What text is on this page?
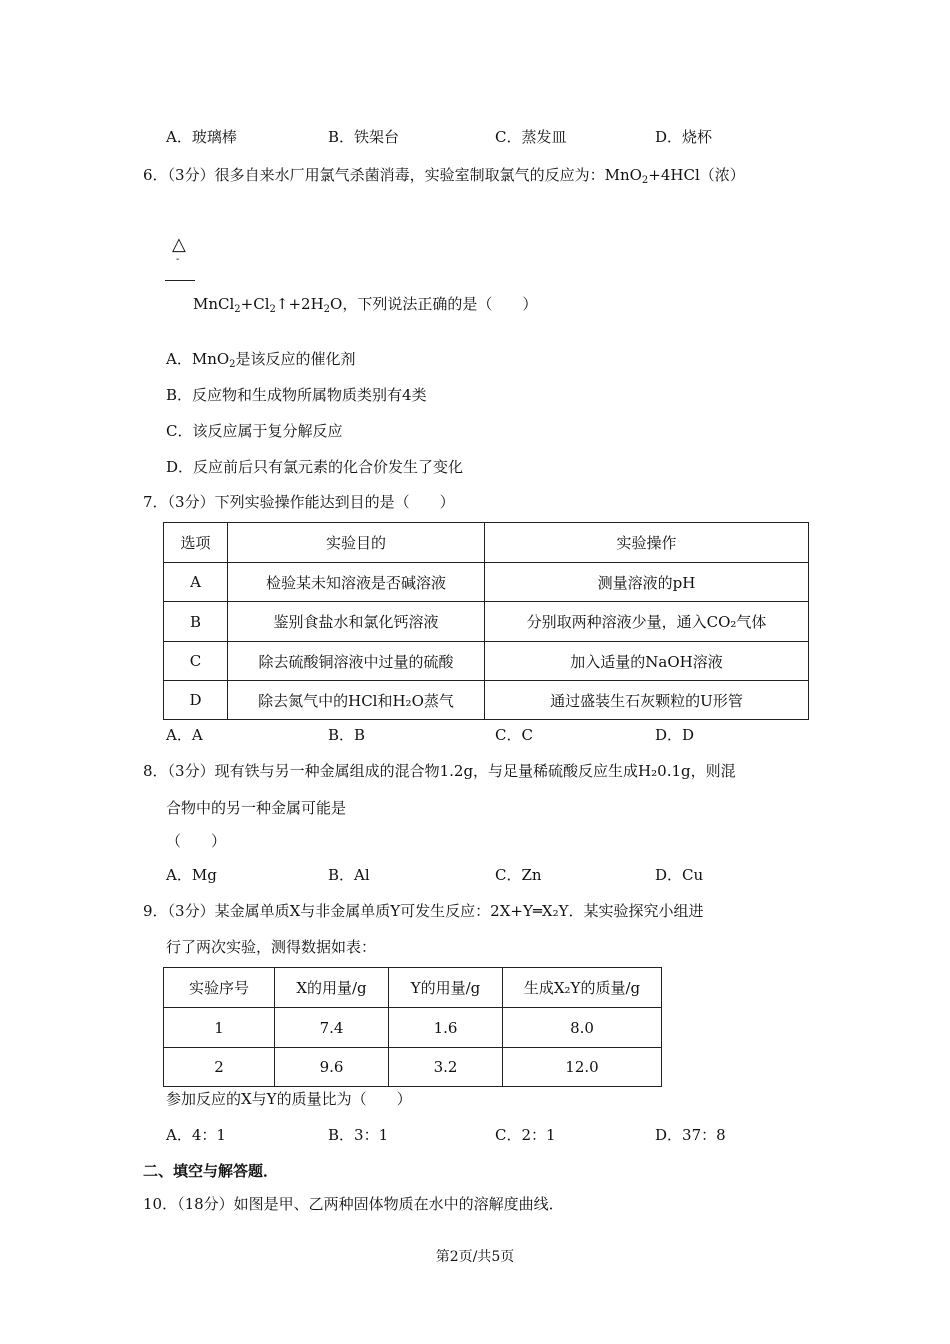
A．玻璃棒	B．铁架台	C．蒸发皿	D．烧杯
6．（3分）很多自来水厂用氯气杀菌消毒，实验室制取氯气的反应为：MnO$_2$+4HCl（浓）
△
-
$MnCl_2+Cl_2↑+2H_2O$，下列说法正确的是（　　）
A．MnO$_2$是该反应的催化剂
B．反应物和生成物所属物质类别有4类
C．该反应属于复分解反应
D．反应前后只有氯元素的化合价发生了变化
7．（3分）下列实验操作能达到目的是（　　）
选项	实验目的	实验操作
A	检验某未知溶液是否碱溶液	测量溶液的pH
B	鉴别食盐水和氯化钙溶液	分别取两种溶液少量，通入CO₂气体
C	除去硫酸铜溶液中过量的硫酸	加入适量的NaOH溶液
D	除去氮气中的HCl和H₂O蒸气	通过盛装生石灰颗粒的U形管
A．A	B．B	C．C	D．D
8．（3分）现有铁与另一种金属组成的混合物1.2g，与足量稀硫酸反应生成H₂0.1g，则混
合物中的另一种金属可能是
（　　）
A．Mg	B．Al	C．Zn	D．Cu
9．（3分）某金属单质X与非金属单质Y可发生反应：2X+Y═X₂Y．某实验探究小组进
行了两次实验，测得数据如表：
实验序号	X的用量/g	Y的用量/g	生成X₂Y的质量/g
1	7.4	1.6	8.0
2	9.6	3.2	12.0
参加反应的X与Y的质量比为（　　）
A．4：1	B．3：1	C．2：1	D．37：8
二、填空与解答题．
10．（18分）如图是甲、乙两种固体物质在水中的溶解度曲线．
第2页/共5页
